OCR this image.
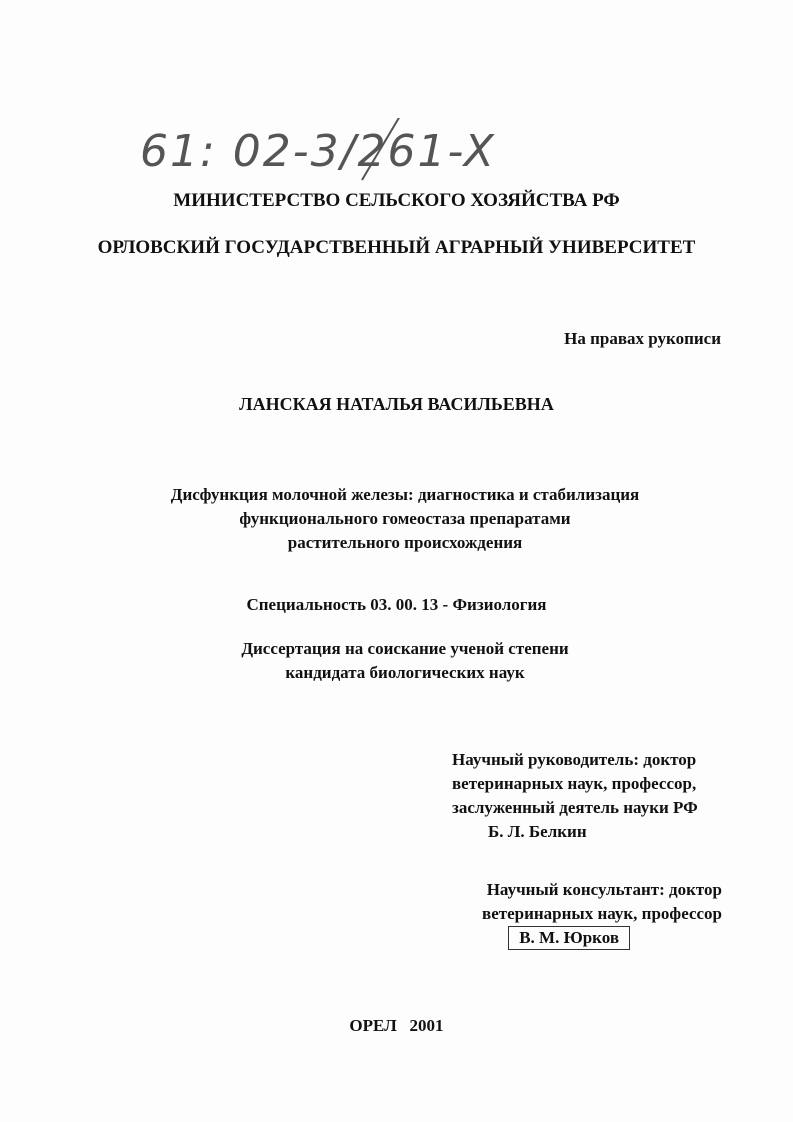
61: 02-3/261-X

МИНИСТЕРСТВО СЕЛЬСКОГО ХОЗЯЙСТВА РФ

ОРЛОВСКИЙ ГОСУДАРСТВЕННЫЙ АГРАРНЫЙ УНИВЕРСИТЕТ

На правах рукописи

ЛАНСКАЯ НАТАЛЬЯ ВАСИЛЬЕВНА

Дисфункция молочной железы: диагностика и стабилизация
функционального гомеостаза препаратами
растительного происхождения

Специальность 03. 00. 13 - Физиология

Диссертация на соискание ученой степени
кандидата биологических наук
Научный руководитель: доктор
ветеринарных наук, профессор,
заслуженный деятель науки РФ
Б. Л. Белкин
Научный консультант: доктор
ветеринарных наук, профессор
В. М. Юрков

ОРЕЛ   2001
